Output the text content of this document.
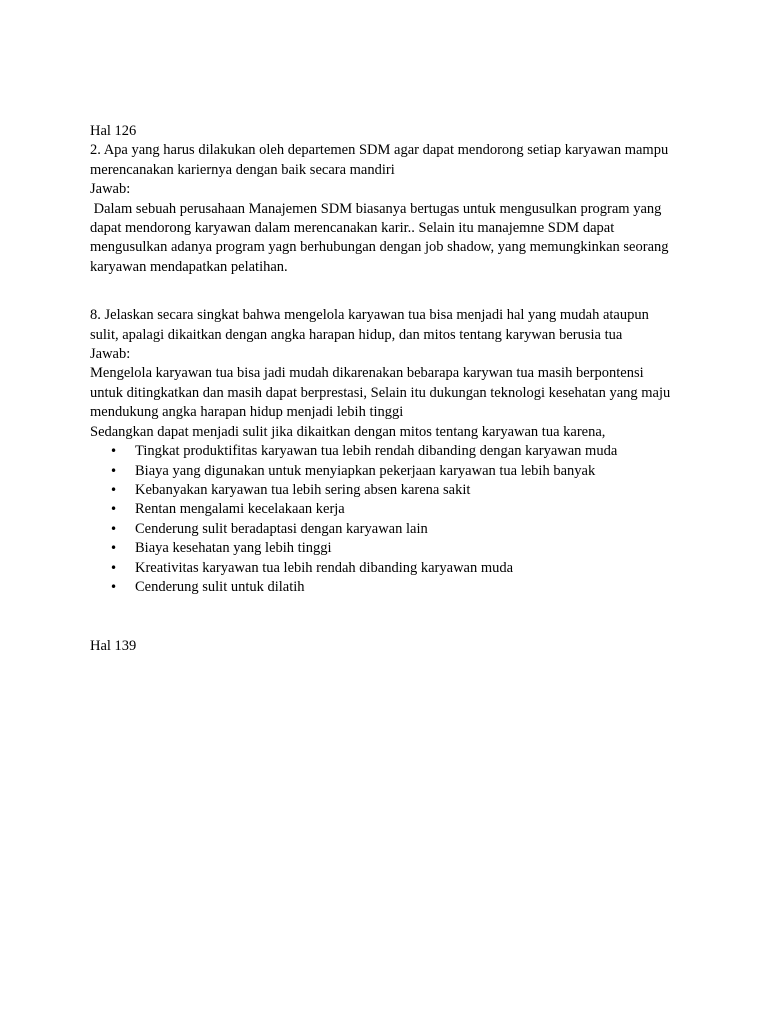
Hal 126

2. Apa yang harus dilakukan oleh departemen SDM agar dapat mendorong setiap karyawan mampu merencanakan kariernya dengan baik secara mandiri

Jawab:

Dalam sebuah perusahaan Manajemen SDM biasanya bertugas untuk mengusulkan program yang dapat mendorong karyawan dalam merencanakan karir.. Selain itu manajemne SDM dapat mengusulkan adanya program yagn berhubungan dengan job shadow, yang memungkinkan seorang karyawan mendapatkan pelatihan.

8. Jelaskan secara singkat bahwa mengelola karyawan tua bisa menjadi hal yang mudah ataupun sulit, apalagi dikaitkan dengan angka harapan hidup, dan mitos tentang karywan berusia tua

Jawab:

Mengelola karyawan tua bisa jadi mudah dikarenakan bebarapa karywan tua masih berpontensi untuk ditingkatkan dan masih dapat berprestasi, Selain itu dukungan teknologi kesehatan yang maju mendukung angka harapan hidup menjadi lebih tinggi

Sedangkan dapat menjadi sulit jika dikaitkan dengan mitos tentang karyawan tua karena,

• Tingkat produktifitas karyawan tua lebih rendah dibanding dengan karyawan muda
• Biaya yang digunakan untuk menyiapkan pekerjaan karyawan tua lebih banyak
• Kebanyakan karyawan tua lebih sering absen karena sakit
• Rentan mengalami kecelakaan kerja
• Cenderung sulit beradaptasi dengan karyawan lain
• Biaya kesehatan yang lebih tinggi
• Kreativitas karyawan tua lebih rendah dibanding karyawan muda
• Cenderung sulit untuk dilatih

Hal 139
